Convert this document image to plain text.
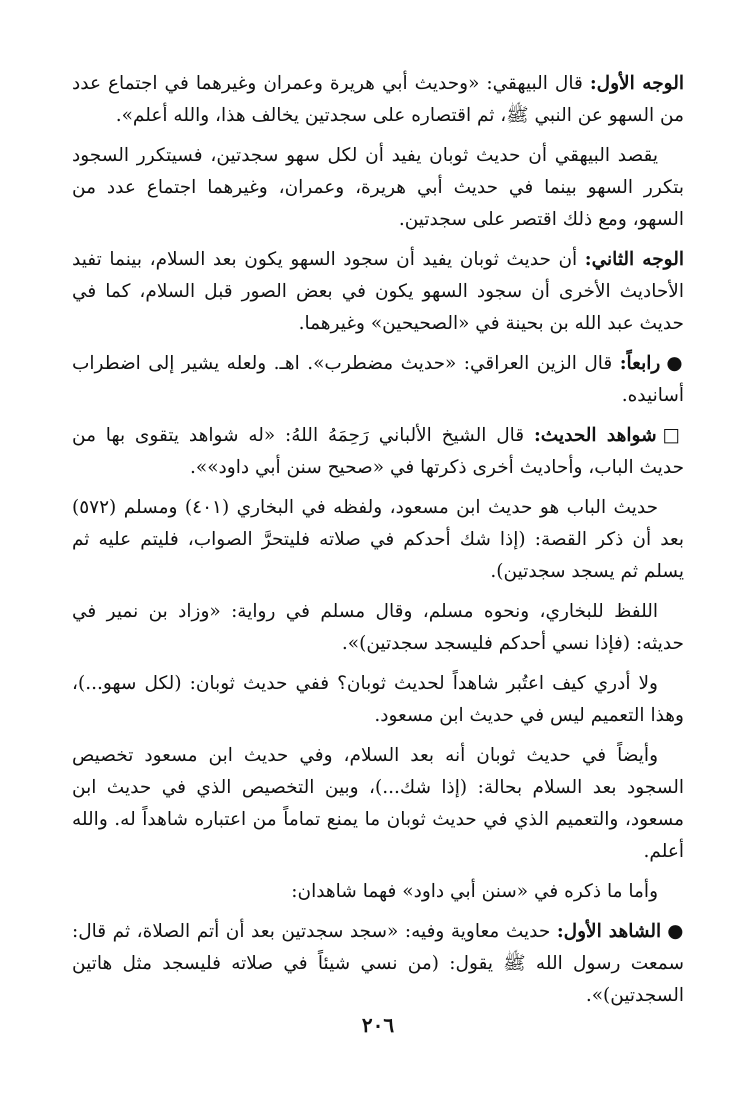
الوجه الأول: قال البيهقي: «وحديث أبي هريرة وعمران وغيرهما في اجتماع عدد من السهو عن النبي ﷺ، ثم اقتصاره على سجدتين يخالف هذا، والله أعلم».

يقصد البيهقي أن حديث ثوبان يفيد أن لكل سهو سجدتين، فسيتكرر السجود بتكرر السهو بينما في حديث أبي هريرة، وعمران، وغيرهما اجتماع عدد من السهو، ومع ذلك اقتصر على سجدتين.

الوجه الثاني: أن حديث ثوبان يفيد أن سجود السهو يكون بعد السلام، بينما تفيد الأحاديث الأخرى أن سجود السهو يكون في بعض الصور قبل السلام، كما في حديث عبد الله بن بحينة في «الصحيحين» وغيرهما.

●رابعاً: قال الزين العراقي: «حديث مضطرب». اهـ. ولعله يشير إلى اضطراب أسانيده.

□شواهد الحديث: قال الشيخ الألباني رَحِمَهُ اللهُ: «له شواهد يتقوى بها من حديث الباب، وأحاديث أخرى ذكرتها في «صحيح سنن أبي داود»».

حديث الباب هو حديث ابن مسعود، ولفظه في البخاري (٤٠١) ومسلم (٥٧٢) بعد أن ذكر القصة: (إذا شك أحدكم في صلاته فليتحرَّ الصواب، فليتم عليه ثم يسلم ثم يسجد سجدتين).

اللفظ للبخاري، ونحوه مسلم، وقال مسلم في رواية: «وزاد بن نمير في حديثه: (فإذا نسي أحدكم فليسجد سجدتين)».

ولا أدري كيف اعتُبر شاهداً لحديث ثوبان؟ ففي حديث ثوبان: (لكل سهو...)، وهذا التعميم ليس في حديث ابن مسعود.

وأيضاً في حديث ثوبان أنه بعد السلام، وفي حديث ابن مسعود تخصيص السجود بعد السلام بحالة: (إذا شك...)، وبين التخصيص الذي في حديث ابن مسعود، والتعميم الذي في حديث ثوبان ما يمنع تماماً من اعتباره شاهداً له. والله أعلم.

وأما ما ذكره في «سنن أبي داود» فهما شاهدان:

●الشاهد الأول: حديث معاوية وفيه: «سجد سجدتين بعد أن أتم الصلاة، ثم قال: سمعت رسول الله ﷺ يقول: (من نسي شيئاً في صلاته فليسجد مثل هاتين السجدتين)».

٢٠٦
